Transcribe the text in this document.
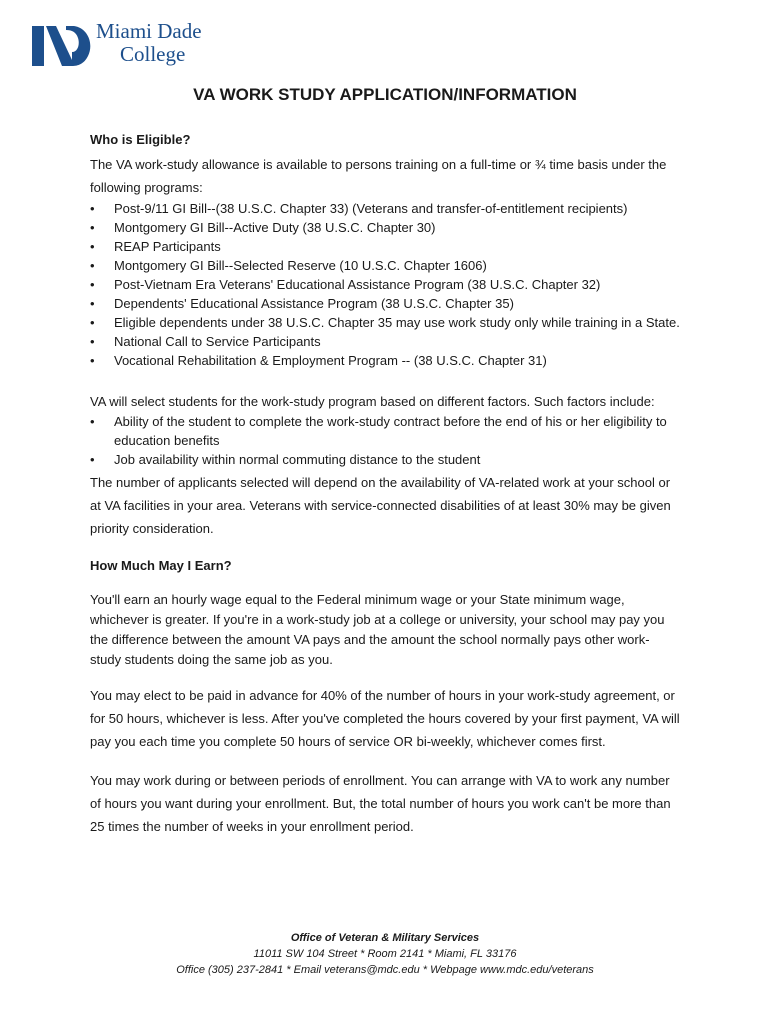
Miami Dade
College
VA WORK STUDY APPLICATION/INFORMATION

Who is Eligible?

The VA work-study allowance is available to persons training on a full-time or ¾ time basis under the following programs:

• Post-9/11 GI Bill--(38 U.S.C. Chapter 33) (Veterans and transfer-of-entitlement recipients)
• Montgomery GI Bill--Active Duty (38 U.S.C. Chapter 30)
• REAP Participants
• Montgomery GI Bill--Selected Reserve (10 U.S.C. Chapter 1606)
• Post-Vietnam Era Veterans' Educational Assistance Program (38 U.S.C. Chapter 32)
• Dependents' Educational Assistance Program (38 U.S.C. Chapter 35)
• Eligible dependents under 38 U.S.C. Chapter 35 may use work study only while training in a State.
• National Call to Service Participants
• Vocational Rehabilitation & Employment Program -- (38 U.S.C. Chapter 31)

VA will select students for the work-study program based on different factors. Such factors include:

• Ability of the student to complete the work-study contract before the end of his or her eligibility to education benefits
• Job availability within normal commuting distance to the student

The number of applicants selected will depend on the availability of VA-related work at your school or at VA facilities in your area. Veterans with service-connected disabilities of at least 30% may be given priority consideration.

How Much May I Earn?

You'll earn an hourly wage equal to the Federal minimum wage or your State minimum wage, whichever is greater. If you're in a work-study job at a college or university, your school may pay you the difference between the amount VA pays and the amount the school normally pays other work-study students doing the same job as you.

You may elect to be paid in advance for 40% of the number of hours in your work-study agreement, or for 50 hours, whichever is less. After you've completed the hours covered by your first payment, VA will pay you each time you complete 50 hours of service OR bi-weekly, whichever comes first.

You may work during or between periods of enrollment. You can arrange with VA to work any number of hours you want during your enrollment. But, the total number of hours you work can't be more than 25 times the number of weeks in your enrollment period.

Office of Veteran & Military Services
11011 SW 104 Street * Room 2141 * Miami, FL 33176
Office (305) 237-2841 * Email veterans@mdc.edu * Webpage www.mdc.edu/veterans
